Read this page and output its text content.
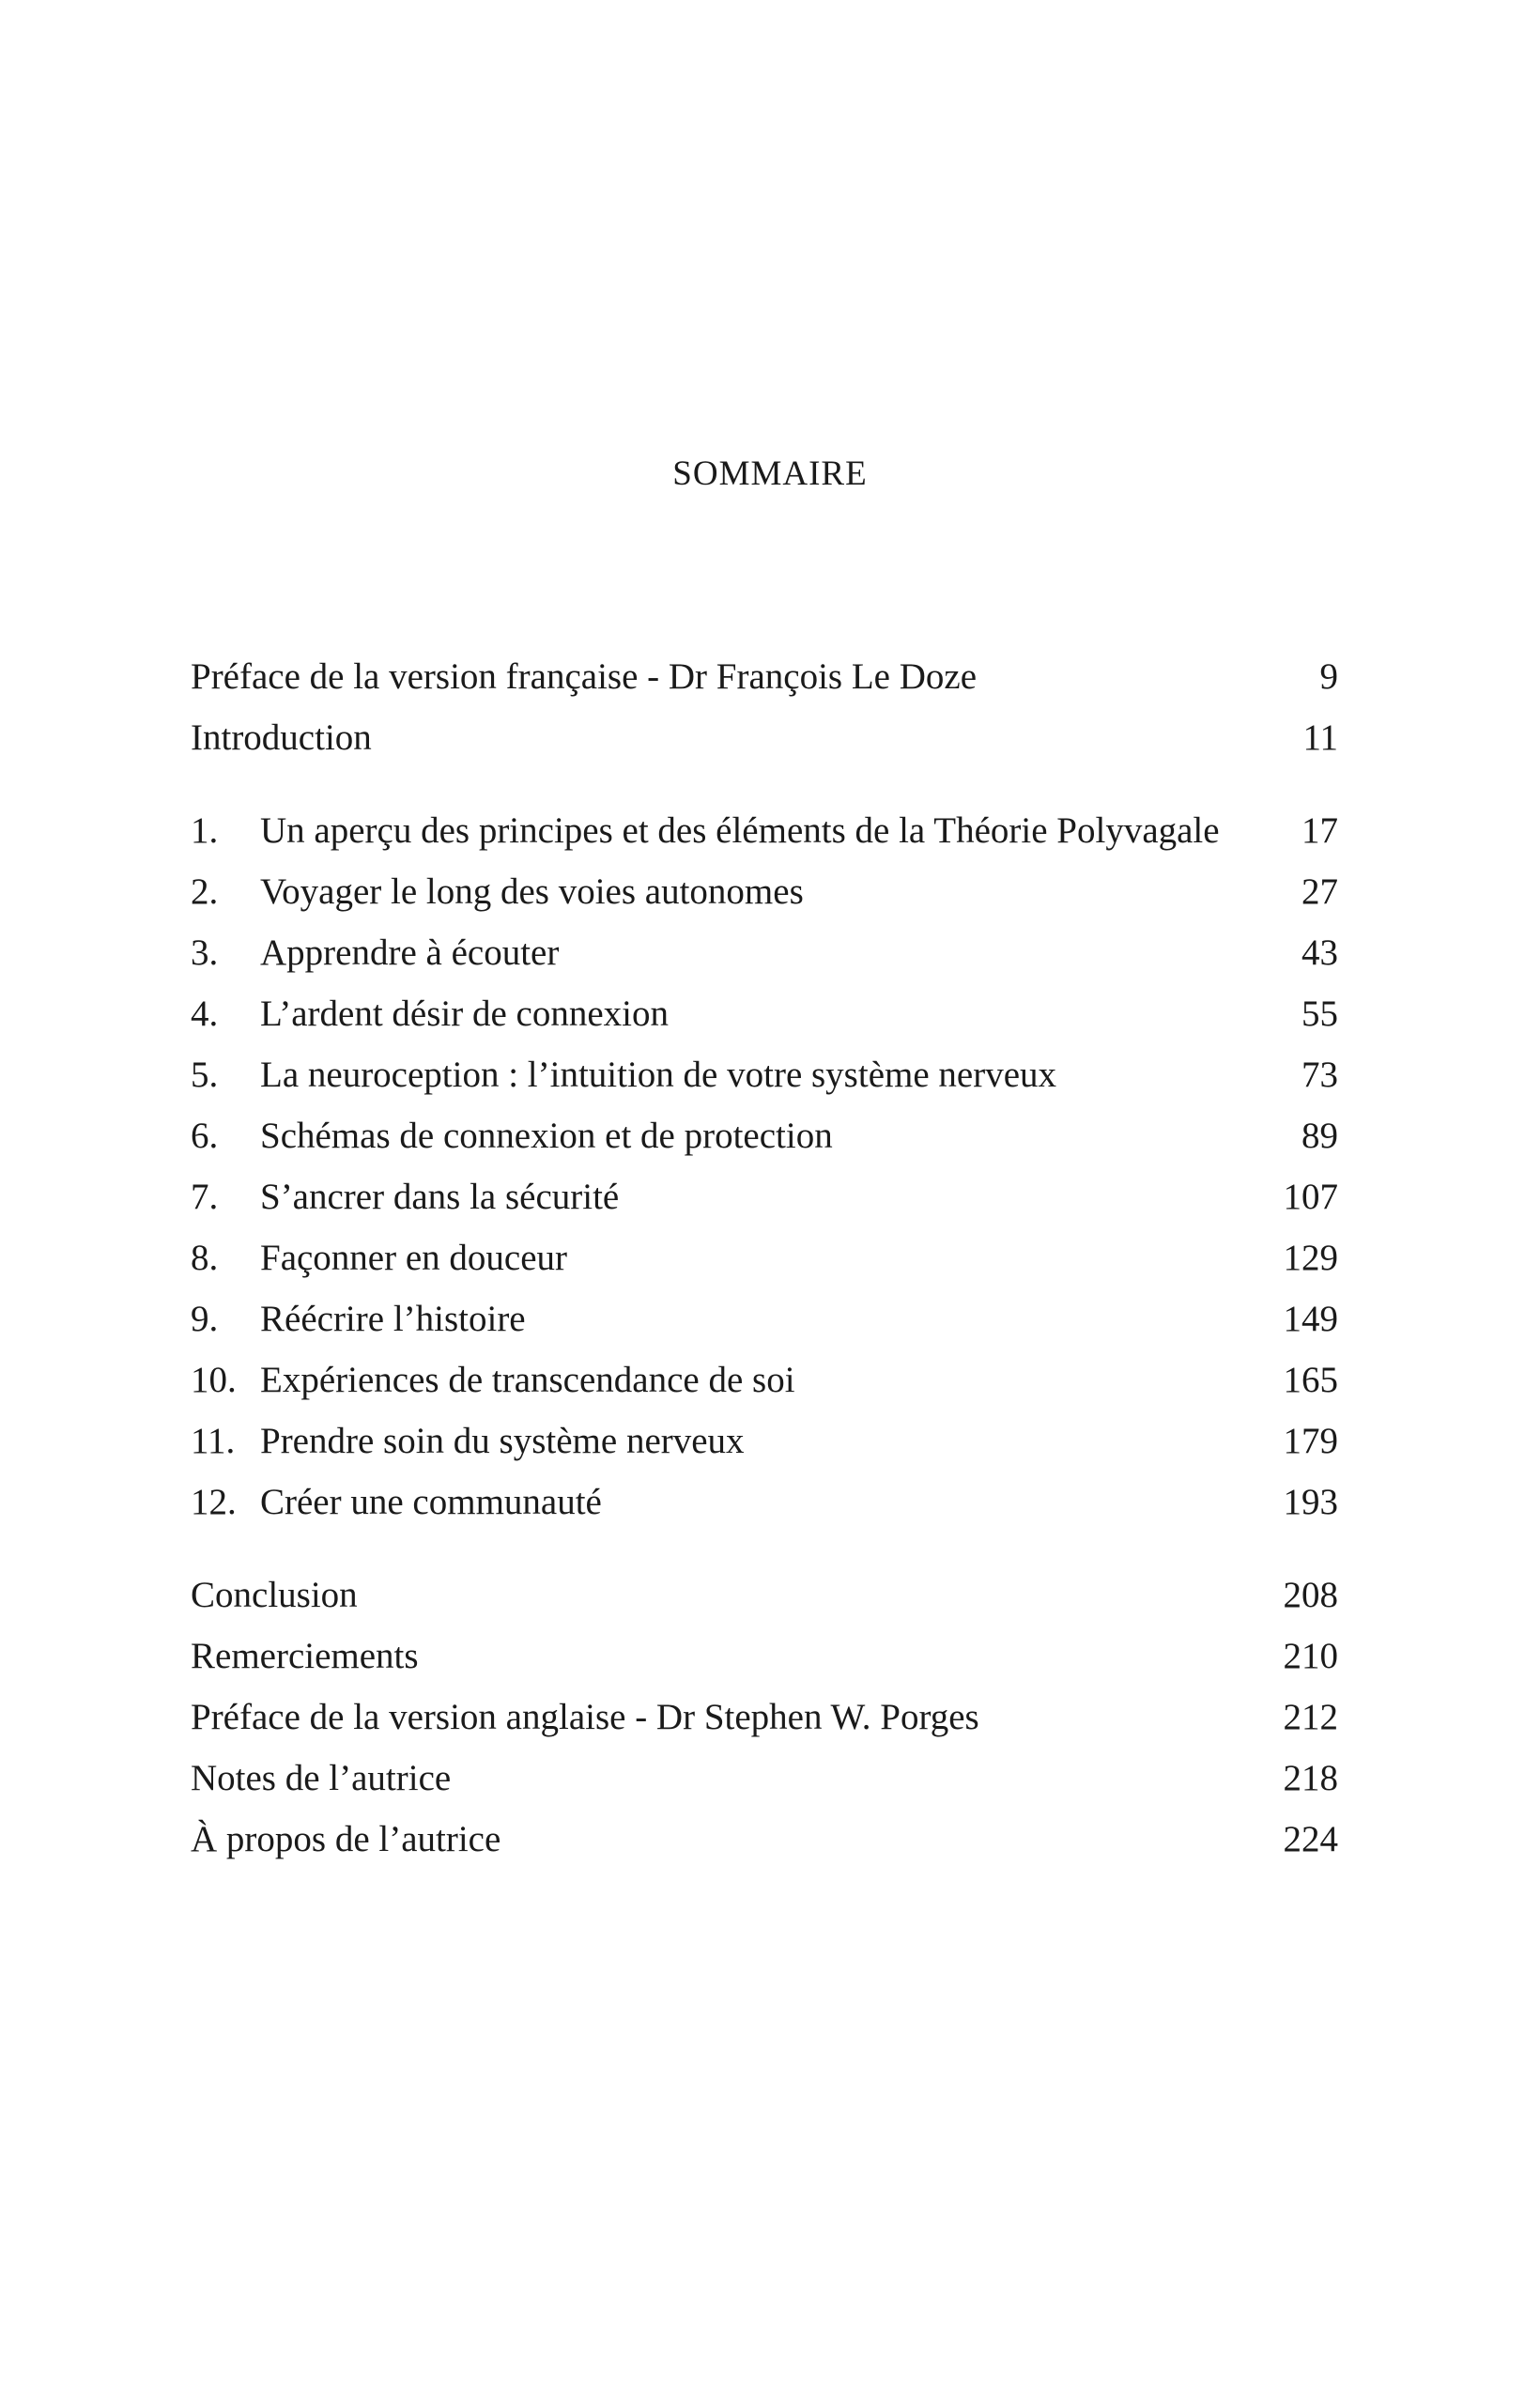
SOMMAIRE
Préface de la version française - Dr François Le Doze	9
Introduction	11
1.	Un aperçu des principes et des éléments de la Théorie Polyvagale	17
2.	Voyager le long des voies autonomes	27
3.	Apprendre à écouter	43
4.	L’ardent désir de connexion	55
5.	La neuroception : l’intuition de votre système nerveux	73
6.	Schémas de connexion et de protection	89
7.	S’ancrer dans la sécurité	107
8.	Façonner en douceur	129
9.	Réécrire l’histoire	149
10. Expériences de transcendance de soi	165
11. Prendre soin du système nerveux	179
12. Créer une communauté	193
Conclusion	208
Remerciements	210
Préface de la version anglaise - Dr Stephen W. Porges	212
Notes de l’autrice	218
À propos de l’autrice	224
